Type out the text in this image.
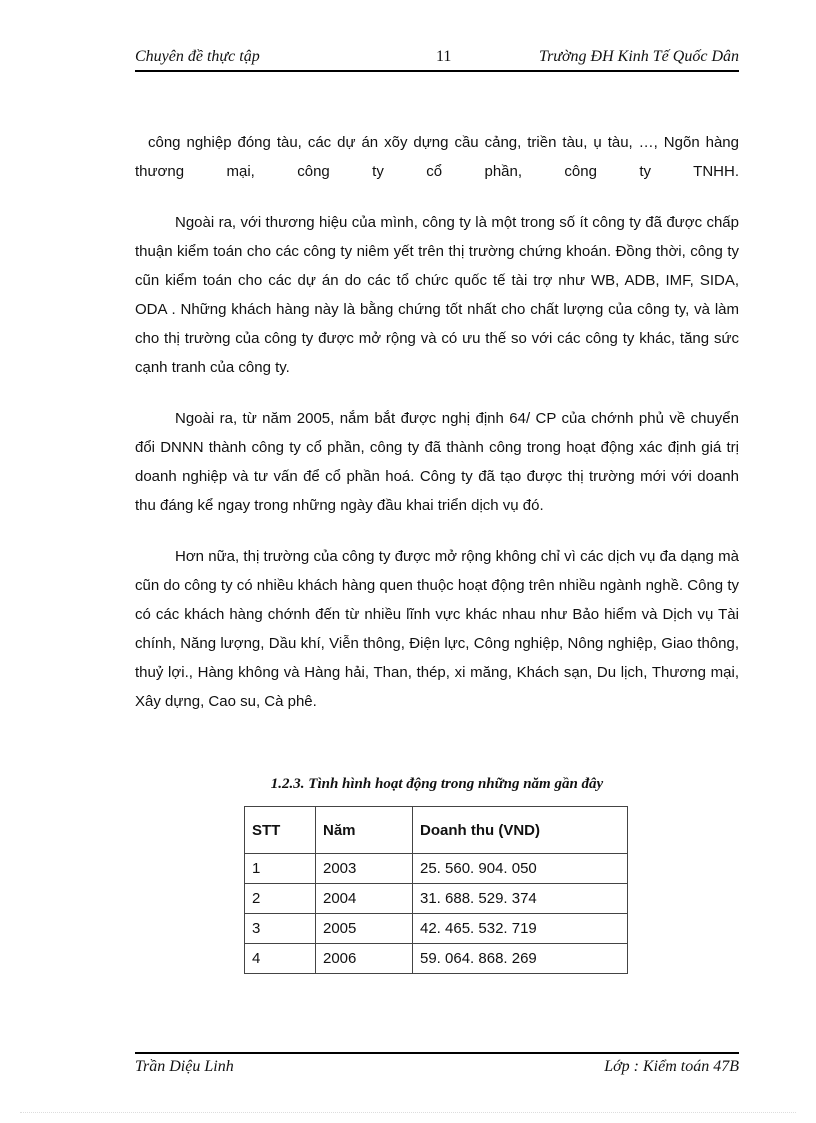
Chuyên đề thực tập	11	Trường ĐH Kinh Tế Quốc Dân

công nghiệp đóng tàu, các dự án xõy dựng cầu cảng, triền tàu, ụ tàu, …, Ngõn hàng thương mại, công ty cổ phần, công ty TNHH.

Ngoài ra, với thương hiệu của mình, công ty là một trong số ít công ty đã được chấp thuận kiểm toán cho các công ty niêm yết trên thị trường chứng khoán. Đồng thời, công ty cũn kiểm toán cho các dự án do các tổ chức quốc tế tài trợ như WB, ADB, IMF, SIDA, ODA . Những khách hàng này là bằng chứng tốt nhất cho chất lượng của công ty, và làm cho thị trường của công ty được mở rộng và có ưu thế so với các công ty khác, tăng sức cạnh tranh của công ty.

Ngoài ra, từ năm 2005, nắm bắt được nghị định 64/ CP của chớnh phủ về chuyển đổi DNNN thành công ty cổ phần, công ty đã thành công trong hoạt động xác định giá trị doanh nghiệp và tư vấn để cổ phần hoá. Công ty đã tạo được thị trường mới với doanh thu đáng kể ngay trong những ngày đầu khai triển dịch vụ đó.

Hơn nữa, thị trường của công ty được mở rộng không chỉ vì các dịch vụ đa dạng mà cũn do công ty có nhiều khách hàng quen thuộc hoạt động trên nhiều ngành nghề. Công ty có các khách hàng chớnh đến từ nhiều lĩnh vực khác nhau như Bảo hiểm và Dịch vụ Tài chính, Năng lượng, Dầu khí, Viễn thông, Điện lực, Công nghiệp, Nông nghiệp, Giao thông, thuỷ lợi., Hàng không và Hàng hải, Than, thép, xi măng, Khách sạn, Du lịch, Thương mại, Xây dựng, Cao su, Cà phê.

1.2.3. Tình hình hoạt động trong những năm gần đây
STT	Năm	Doanh thu (VND)
1	2003	25. 560. 904. 050
2	2004	31. 688. 529. 374
3	2005	42. 465. 532. 719
4	2006	59. 064. 868. 269
Trần Diệu Linh	Lớp : Kiểm toán 47B
